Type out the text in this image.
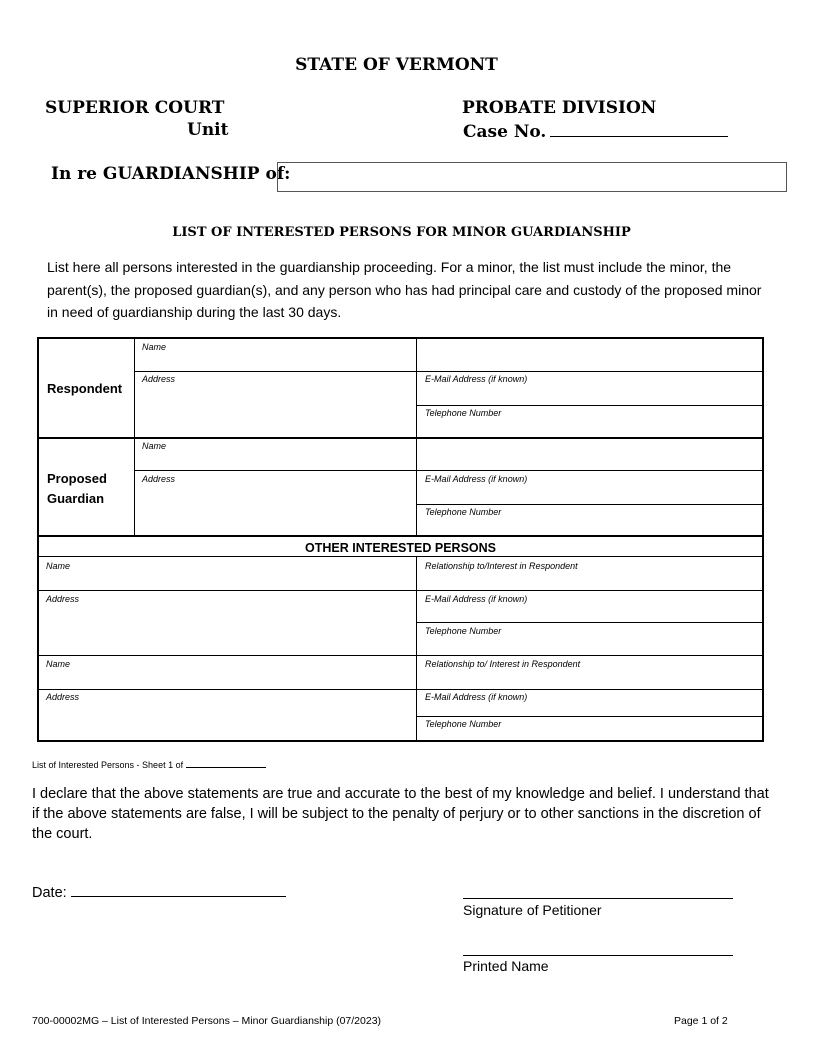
STATE OF VERMONT
SUPERIOR COURT
Unit
PROBATE DIVISION
Case No.
In re GUARDIANSHIP of:
LIST OF INTERESTED PERSONS FOR MINOR GUARDIANSHIP
List here all persons interested in the guardianship proceeding. For a minor, the list must include the minor, the parent(s), the proposed guardian(s), and any person who has had principal care and custody of the proposed minor in need of guardianship during the last 30 days.
Respondent
Name
Address	E-Mail Address (if known)
Telephone Number
Proposed
Guardian
Name
Address	E-Mail Address (if known)
Telephone Number
OTHER INTERESTED PERSONS
Name	Relationship to/Interest in Respondent
Address	E-Mail Address (if known)
Telephone Number
Name	Relationship to/ Interest in Respondent
Address	E-Mail Address (if known)
Telephone Number
List of Interested Persons - Sheet 1 of
I declare that the above statements are true and accurate to the best of my knowledge and belief. I understand that if the above statements are false, I will be subject to the penalty of perjury or to other sanctions in the discretion of the court.
Date:
Signature of Petitioner
Printed Name
700-00002MG – List of Interested Persons – Minor Guardianship (07/2023)	Page 1 of 2
